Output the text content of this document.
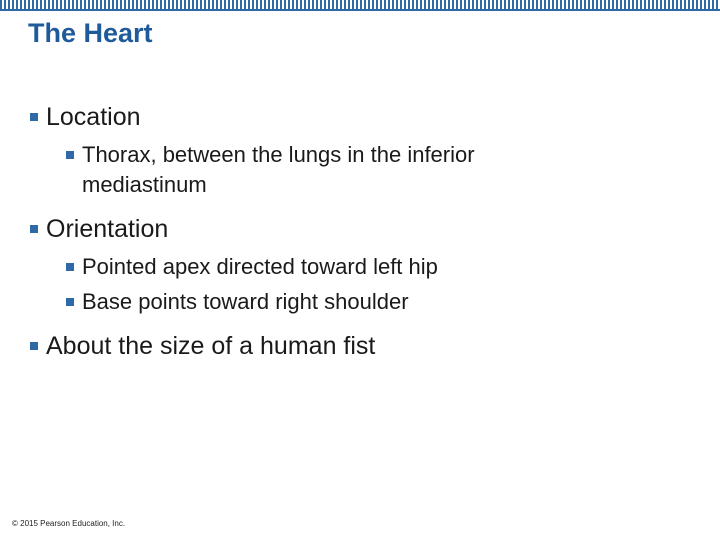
The Heart
Location
Thorax, between the lungs in the inferior mediastinum
Orientation
Pointed apex directed toward left hip
Base points toward right shoulder
About the size of a human fist
© 2015 Pearson Education, Inc.
